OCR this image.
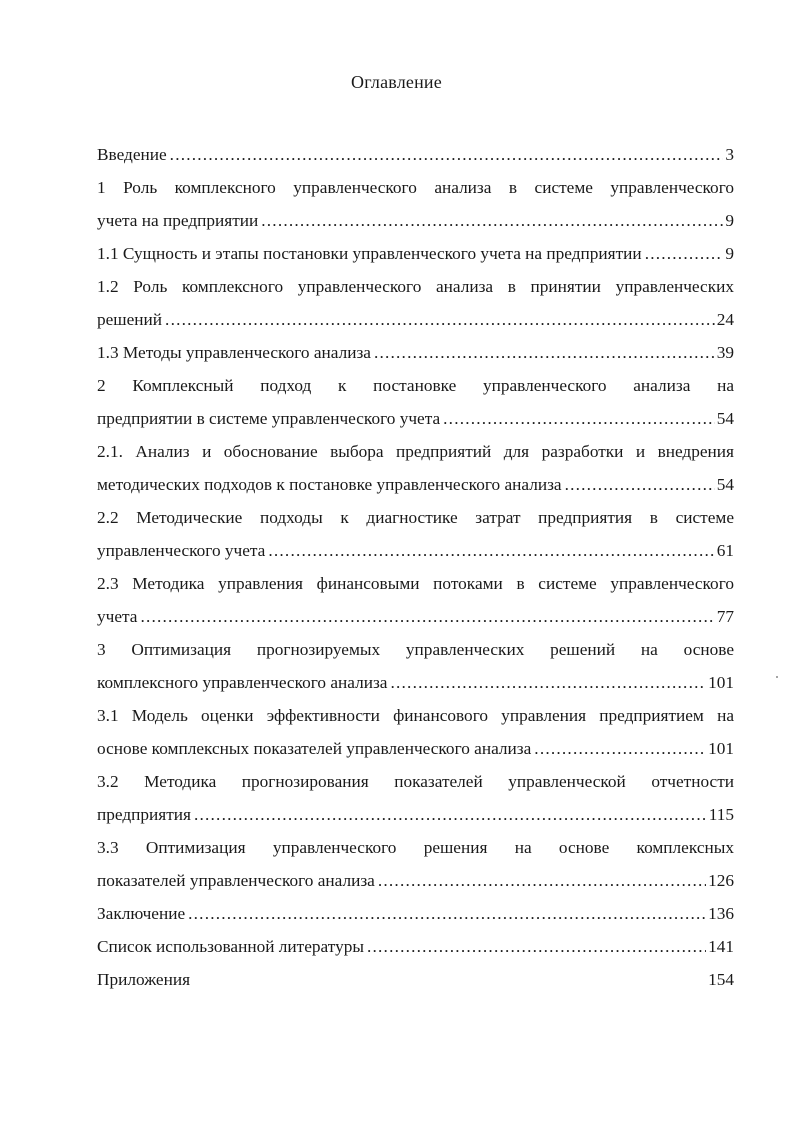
Оглавление
Введение .....	3
1 Роль комплексного управленческого анализа в системе управленческого
учета на предприятии .....	9
1.1 Сущность и этапы постановки управленческого учета на предприятии .....	9
1.2 Роль комплексного управленческого анализа в принятии управленческих
решений .....	24
1.3 Методы управленческого анализа .....	39
2 Комплексный подход к постановке управленческого анализа на
предприятии в системе управленческого учета .....	54
2.1. Анализ и обоснование выбора предприятий для разработки и внедрения
методических подходов к постановке управленческого анализа .....	54
2.2 Методические подходы к диагностике затрат предприятия в системе
управленческого учета .....	61
2.3 Методика управления финансовыми потоками в системе управленческого
учета .....	77
3 Оптимизация прогнозируемых управленческих решений на основе
комплексного управленческого анализа .....	101
3.1 Модель оценки эффективности финансового управления предприятием на
основе комплексных показателей управленческого анализа .....	101
3.2 Методика прогнозирования показателей управленческой отчетности
предприятия .....	115
3.3 Оптимизация управленческого решения на основе комплексных
показателей управленческого анализа .....	126
Заключение .....	136
Список использованной литературы .....	141
Приложения	154
